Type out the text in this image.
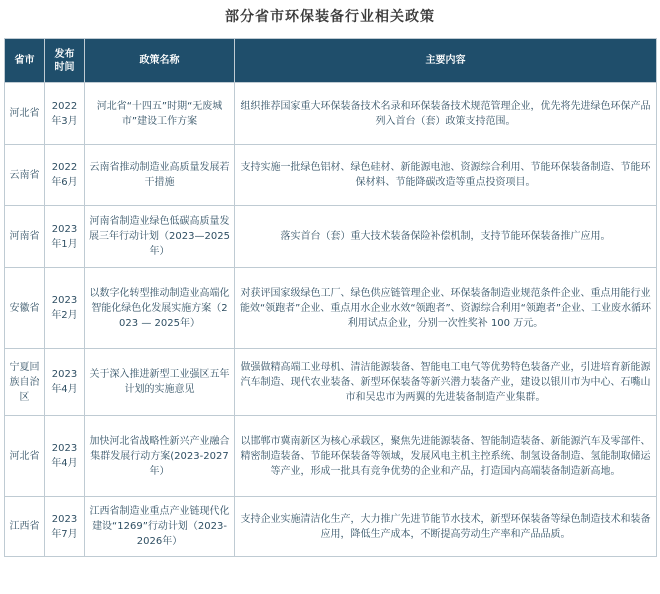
部分省市环保装备行业相关政策
省市	发布时间	政策名称	主要内容
河北省	2022年3月	河北省“十四五”时期“无废城市”建设工作方案	组织推荐国家重大环保装备技术名录和环保装备技术规范管理企业，优先将先进绿色环保产品列入首台（套）政策支持范围。
云南省	2022年6月	云南省推动制造业高质量发展若干措施	支持实施一批绿色铝材、绿色硅材、新能源电池、资源综合利用、节能环保装备制造、节能环保材料、节能降碳改造等重点投资项目。
河南省	2023年1月	河南省制造业绿色低碳高质量发展三年行动计划（2023—2025年）	落实首台（套）重大技术装备保险补偿机制，支持节能环保装备推广应用。
安徽省	2023年2月	以数字化转型推动制造业高端化智能化绿色化发展实施方案（2023 — 2025年）	对获评国家级绿色工厂、绿色供应链管理企业、环保装备制造业规范条件企业、重点用能行业能效“领跑者”企业、重点用水企业水效“领跑者”、资源综合利用“领跑者”企业、工业废水循环利用试点企业，分别一次性奖补 100 万元。
宁夏回族自治区	2023年4月	关于深入推进新型工业强区五年计划的实施意见	做强做精高端工业母机、清洁能源装备、智能电工电气等优势特色装备产业，引进培育新能源汽车制造、现代农业装备、新型环保装备等新兴潜力装备产业，建设以银川市为中心、石嘴山市和吴忠市为两翼的先进装备制造产业集群。
河北省	2023年4月	加快河北省战略性新兴产业融合集群发展行动方案(2023-2027年）	以邯郸市冀南新区为核心承载区，聚焦先进能源装备、智能制造装备、新能源汽车及零部件、精密制造装备、节能环保装备等领域，发展风电主机主控系统、制氢设备制造、氢能制取储运等产业，形成一批具有竞争优势的企业和产品，打造国内高端装备制造新高地。
江西省	2023年7月	江西省制造业重点产业链现代化建设“1269”行动计划（2023-2026年）	支持企业实施清洁化生产，大力推广先进节能节水技术，新型环保装备等绿色制造技术和装备应用，降低生产成本，不断提高劳动生产率和产品品质。
